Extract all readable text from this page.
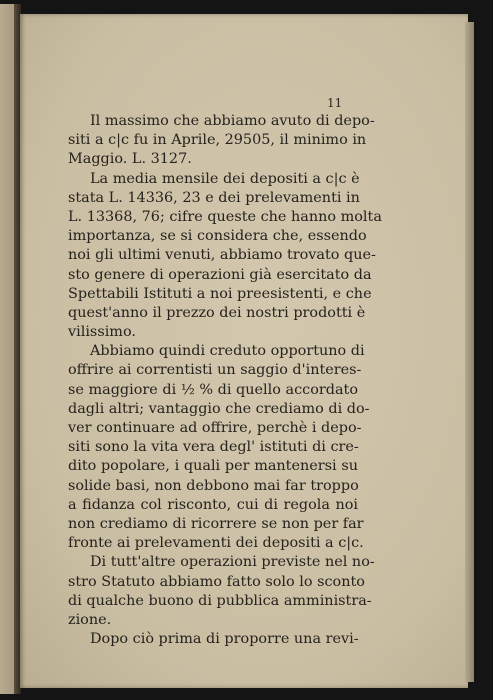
11
Il massimo che abbiamo avuto di depo-
siti a c|c fu in Aprile, 29505, il minimo in
Maggio. L. 3127.
La media mensile dei depositi a c|c è
stata L. 14336, 23 e dei prelevamenti in
L. 13368, 76; cifre queste che hanno molta
importanza, se si considera che, essendo
noi gli ultimi venuti, abbiamo trovato que-
sto genere di operazioni già esercitato da
Spettabili Istituti a noi preesistenti, e che
quest'anno il prezzo dei nostri prodotti è
vilissimo.
Abbiamo quindi creduto opportuno di
offrire ai correntisti un saggio d'interes-
se maggiore di ½ % di quello accordato
dagli altri; vantaggio che crediamo di do-
ver continuare ad offrire, perchè i depo-
siti sono la vita vera degl' istituti di cre-
dito popolare, i quali per mantenersi su
solide basi, non debbono mai far troppo
a fidanza col risconto, cui di regola noi
non crediamo di ricorrere se non per far
fronte ai prelevamenti dei depositi a c|c.
Di tutt'altre operazioni previste nel no-
stro Statuto abbiamo fatto solo lo sconto
di qualche buono di pubblica amministra-
zione.
Dopo ciò prima di proporre una revi-
